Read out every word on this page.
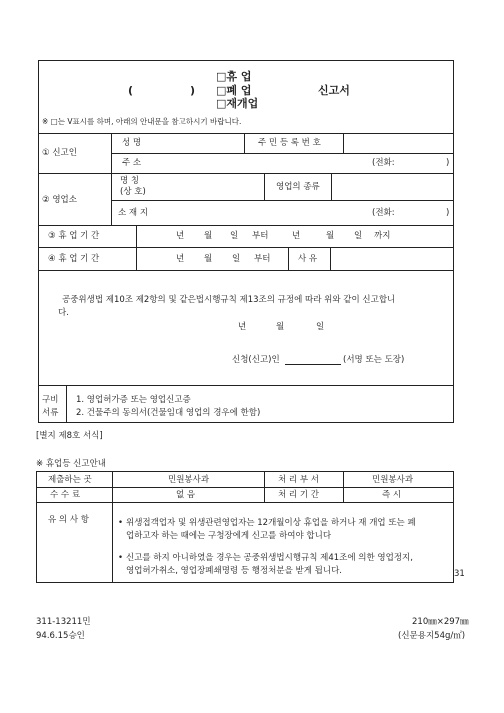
□휴 업
(	□폐 업
)	신고서
□재개업
※ □는 V표시를 하며, 아래의 안내문을 참고하시기 바랍니다.
① 신고인
성 명	주 민 등 록 번 호
주 소	(전화:	)
② 영업소
명 칭
(상 호)	영업의 종류
소 재 지	(전화:	)
③ 휴 업 기 간	년 월 일 부터	년	월 일 까지
④ 휴 업 기 간	년 월 일 부터	사 유
공중위생법 제10조 제2항의 및 같은법시행규칙 제13조의 규정에 따라 위와 같이 신고합니
다.
년	월	일
신청(신고)인	(서명 또는 도장)
구비
서류
1. 영업허가증 또는 영업신고증
2. 건물주의 동의서(건물임대 영업의 경우에 한함)
[별지 제8호 서식]
※ 휴업등 신고안내
제출하는 곳	민원봉사과	처 리 부 서	민원봉사과
수 수 료	없 음	처 리 기 간	즉 시
유 의 사 항	• 위생접객업자 및 위생관련영업자는 12개월이상 휴업을 하거나 재 개업 또는 폐
업하고자 하는 때에는 구청장에게 신고를 하여야 합니다
• 신고를 하지 아니하였을 경우는 공중위생법시행규칙 제41조에 의한 영업정지,
영업허가취소, 영업장폐쇄명령 등 행정처분을 받게 됩니다.	31
311-13211민
94.6.15승인
210㎜×297㎜
(신문용지54g/㎡)
